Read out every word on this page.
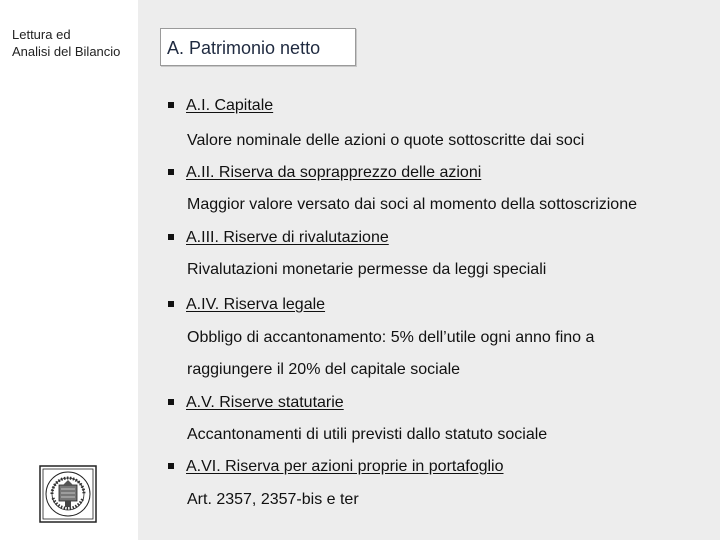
Lettura ed
Analisi del Bilancio	A. Patrimonio netto
A.I. Capitale
Valore nominale delle azioni o quote sottoscritte dai soci
A.II. Riserva da soprapprezzo delle azioni
Maggior valore versato dai soci al momento della sottoscrizione
A.III. Riserve di rivalutazione
Rivalutazioni monetarie permesse da leggi speciali
A.IV. Riserva legale
Obbligo di accantonamento: 5% dell’utile ogni anno fino a
raggiungere il 20% del capitale sociale
A.V. Riserve statutarie
Accantonamenti di utili previsti dallo statuto sociale
A.VI. Riserva per azioni proprie in portafoglio
Art. 2357, 2357-bis e ter
